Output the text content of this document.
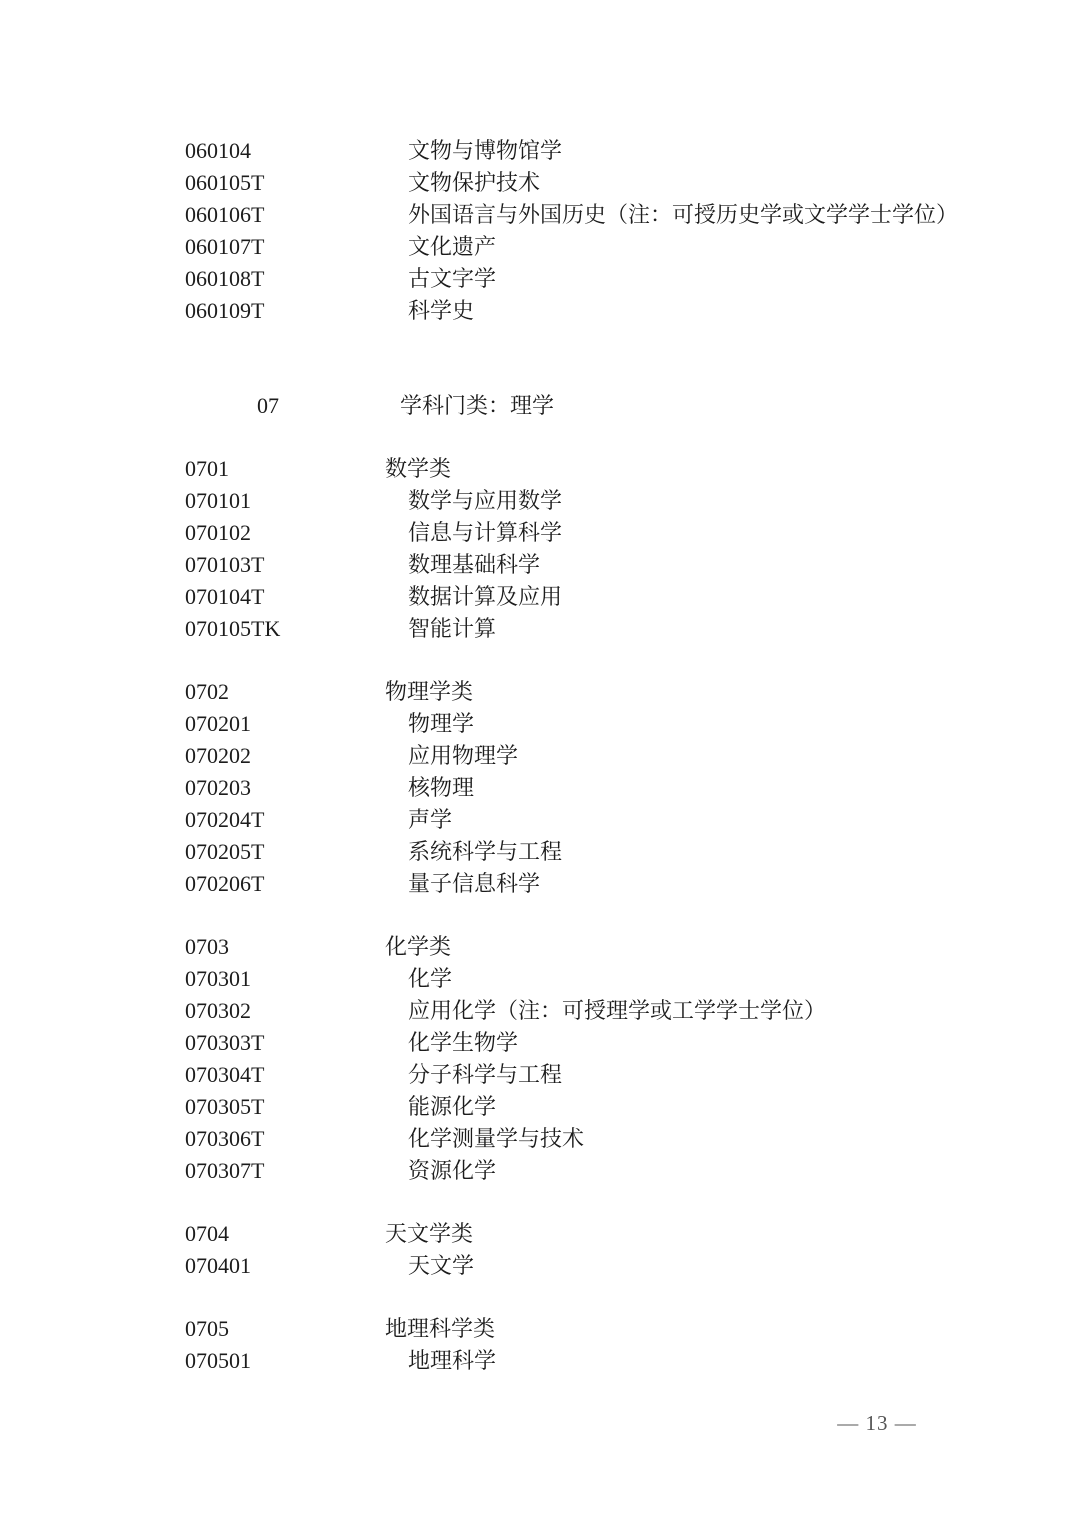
060104	文物与博物馆学
060105T	文物保护技术
060106T	外国语言与外国历史（注：可授历史学或文学学士学位）
060107T	文化遗产
060108T	古文字学
060109T	科学史
07	学科门类：理学
0701	数学类
070101	数学与应用数学
070102	信息与计算科学
070103T	数理基础科学
070104T	数据计算及应用
070105TK	智能计算
0702	物理学类
070201	物理学
070202	应用物理学
070203	核物理
070204T	声学
070205T	系统科学与工程
070206T	量子信息科学
0703	化学类
070301	化学
070302	应用化学（注：可授理学或工学学士学位）
070303T	化学生物学
070304T	分子科学与工程
070305T	能源化学
070306T	化学测量学与技术
070307T	资源化学
0704	天文学类
070401	天文学
0705	地理科学类
070501	地理科学
— 13 —
